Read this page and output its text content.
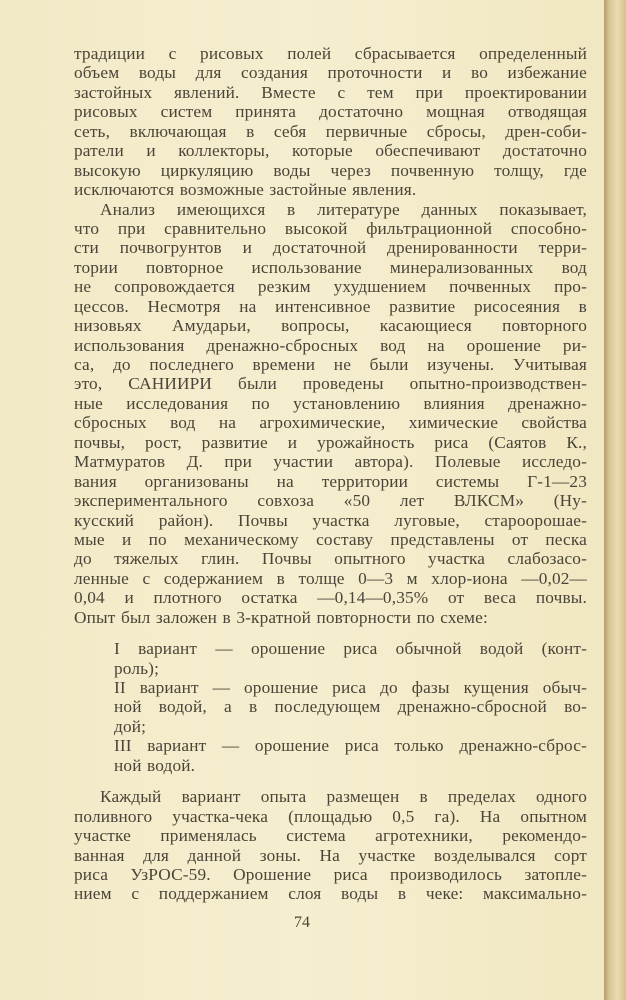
традиции с рисовых полей сбрасывается определенный
объем воды для создания проточности и во избежание
застойных явлений. Вместе с тем при проектировании
рисовых систем принята достаточно мощная отводящая
сеть, включающая в себя первичные сбросы, дрен-соби-
ратели и коллекторы, которые обеспечивают достаточно
высокую циркуляцию воды через почвенную толщу, где
исключаются возможные застойные явления.
Анализ имеющихся в литературе данных показывает,
что при сравнительно высокой фильтрационной способно-
сти почвогрунтов и достаточной дренированности терри-
тории повторное использование минерализованных вод
не сопровождается резким ухудшением почвенных про-
цессов. Несмотря на интенсивное развитие рисосеяния в
низовьях Амударьи, вопросы, касающиеся повторного
использования дренажно-сбросных вод на орошение ри-
са, до последнего времени не были изучены. Учитывая
это, САНИИРИ были проведены опытно-производствен-
ные исследования по установлению влияния дренажно-
сбросных вод на агрохимические, химические свойства
почвы, рост, развитие и урожайность риса (Саятов К.,
Матмуратов Д. при участии автора). Полевые исследо-
вания организованы на территории системы Г-1—23
экспериментального совхоза «50 лет ВЛКСМ» (Ну-
кусский район). Почвы участка луговые, староорошае-
мые и по механическому составу представлены от песка
до тяжелых глин. Почвы опытного участка слабозасо-
ленные с содержанием в толще 0—3 м хлор-иона —0,02—
0,04 и плотного остатка —0,14—0,35% от веса почвы.
Опыт был заложен в 3-кратной повторности по схеме:
I вариант — орошение риса обычной водой (конт-
роль);
II вариант — орошение риса до фазы кущения обыч-
ной водой, а в последующем дренажно-сбросной во-
дой;
III вариант — орошение риса только дренажно-сброс-
ной водой.
Каждый вариант опыта размещен в пределах одного
поливного участка-чека (площадью 0,5 га). На опытном
участке применялась система агротехники, рекомендо-
ванная для данной зоны. На участке возделывался сорт
риса УзРОС-59. Орошение риса производилось затопле-
нием с поддержанием слоя воды в чеке: максимально-
74
